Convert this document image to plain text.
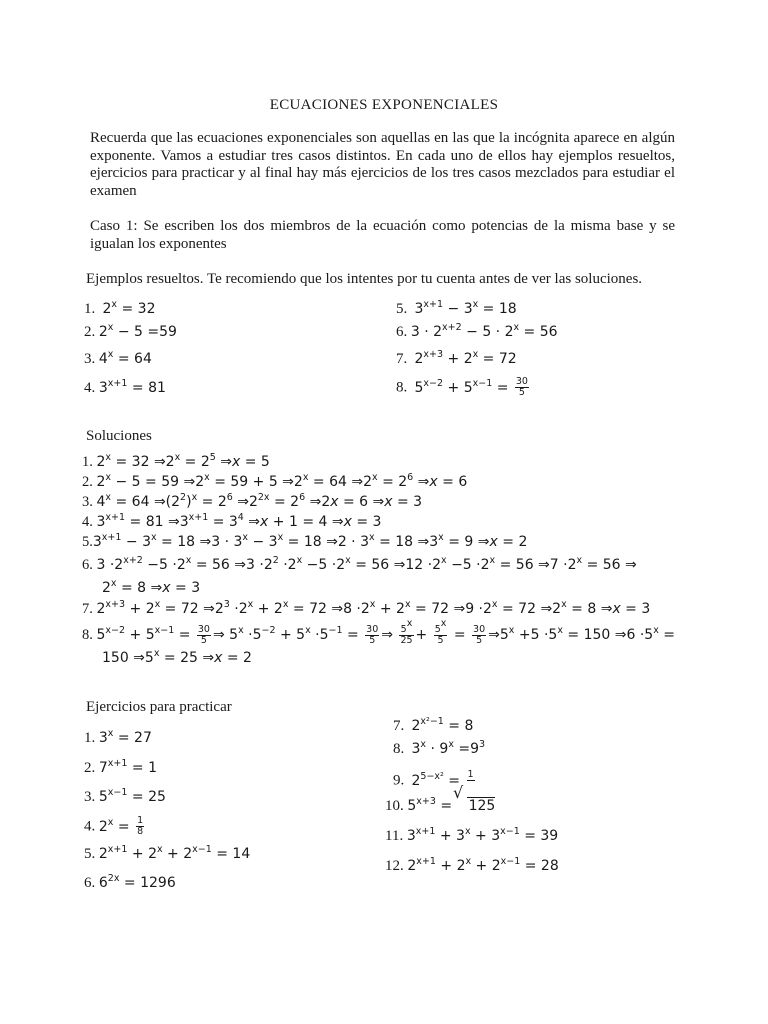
ECUACIONES EXPONENCIALES

Recuerda que las ecuaciones exponenciales son aquellas en las que la incógnita aparece en algún exponente. Vamos a estudiar tres casos distintos. En cada uno de ellos hay ejemplos resueltos, ejercicios para practicar y al final hay más ejercicios de los tres casos mezclados para estudiar el examen

Caso 1: Se escriben los dos miembros de la ecuación como potencias de la misma base y se igualan los exponentes

Ejemplos resueltos. Te recomiendo que los intentes por tu cuenta antes de ver las soluciones.
1. $2^x = 32$
2. $2^x - 5 =59$
3. $4^x = 64$
4. $3^{x+1} = 81$
5. $3^{x+1} - 3^x = 18$
6. $3 \cdot 2^{x+2} - 5 \cdot 2^x = 56$
7. $2^{x+3} + 2^x = 72$
8. $5^{x-2} + 5^{x-1} = \frac{30}{5}$
Soluciones
1. $2^x = 32$ $\Rightarrow 2^x = 2^5$ ⇒x = 5
2. $2^x - 5 = 59$ $\Rightarrow 2^x = 59 + 5$ $\Rightarrow 2^x = 64$ $\Rightarrow 2^x = 2^6$ ⇒x = 6
3. $4^x = 64$ $\Rightarrow(2^2)^x = 2^6$ $\Rightarrow 2^{2x} = 2^6$ ⇒2x = 6 ⇒x = 3
4. $3^{x+1} = 81$ $\Rightarrow 3^{x+1} = 3^4$ ⇒x + 1 = 4 ⇒x = 3
$5.3^{x+1} - 3^x = 18$ ⇒3 · $3^x - 3^x = 18$ ⇒2 · $3^x = 18$ $\Rightarrow 3^x = 9$ ⇒x = 2
6. $3 \cdot 2^{x+2} -5 \cdot 2^x = 56$ ⇒3 $\cdot 2^2 \cdot 2^x -5 \cdot 2^x = 56$ ⇒12 $\cdot 2^x -5 \cdot 2^x = 56$ ⇒7 $\cdot 2^x = 56$ ⇒
$2^x = 8$ ⇒x = 3
7. $2^{x+3} + 2^x = 72$ $\Rightarrow 2^3 \cdot 2^x + 2^x = 72$ ⇒8 $\cdot 2^x + 2^x = 72$ ⇒9 $\cdot 2^x = 72$ $\Rightarrow 2^x = 8$ ⇒x = 3
8. $5^{x-2} + 5^{x-1} = \frac{30}{5}$ ⇒ $5^x \cdot 5^{-2} + 5^x \cdot 5^{-1} = \frac{30}{5}$ ⇒ $\frac{5^x}{25} + \frac{5^x}{5} = \frac{30}{5}$ $\Rightarrow 5^x +5 \cdot 5^x = 150$ ⇒6 $\cdot 5^x$ =
150 $\Rightarrow 5^x = 25$ ⇒x = 2
Ejercicios para practicar
1. $3^x = 27$
2. $7^{x+1} = 1$
3. $5^{x-1} = 25$
4. $2^x = \frac{1}{8}$
5. $2^{x+1} + 2^x + 2^{x-1} = 14$
6. $6^{2x} = 1296$
7. $2^{x^2-1} = 8$
8. $3^x \cdot 9^x =9^3$
9. $2^{5-x^2} = 1$

10. $5^{x+3} = 125$
√
11. $3^{x+1} + 3^x + 3^{x-1} = 39$
12. $2^{x+1} + 2^x + 2^{x-1} = 28$
